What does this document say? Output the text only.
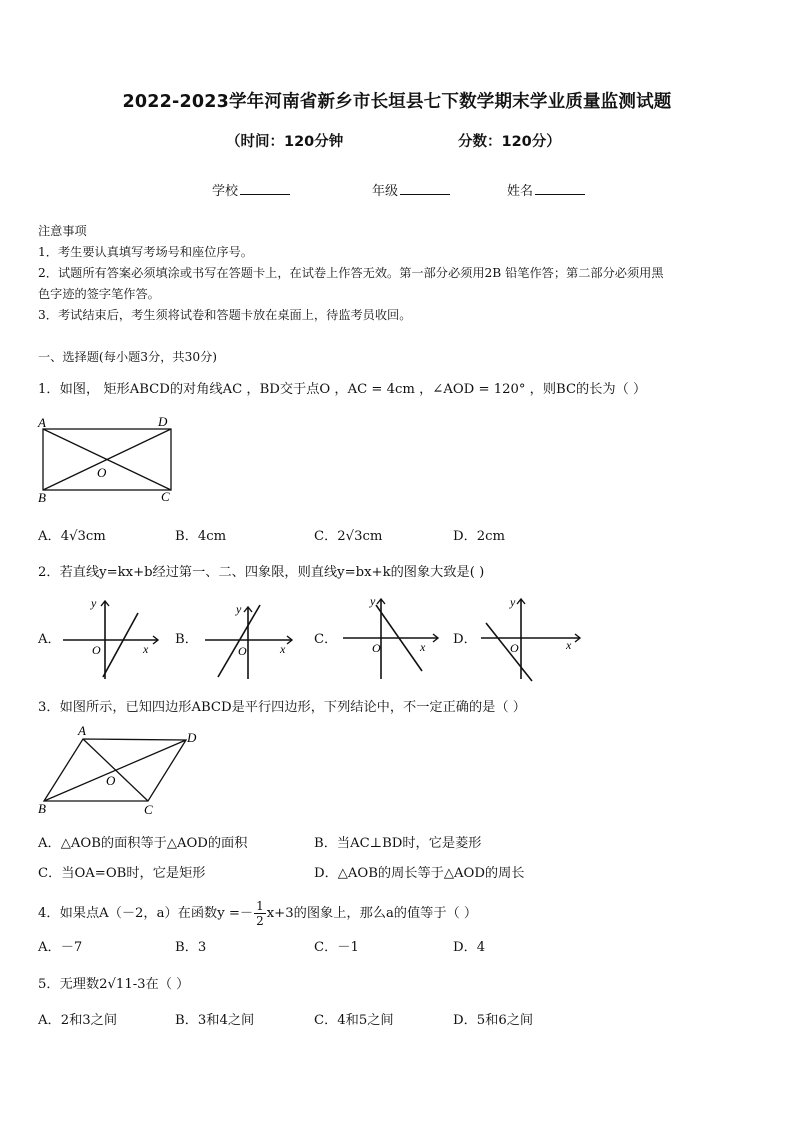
2022-2023学年河南省新乡市长垣县七下数学期末学业质量监测试题
（时间：120分钟	分数：120分）
学校	年级	姓名
注意事项
1．考生要认真填写考场号和座位序号。
2．试题所有答案必须填涂或书写在答题卡上，在试卷上作答无效。第一部分必须用2B 铅笔作答；第二部分必须用黑
色字迹的签字笔作答。
3．考试结束后，考生须将试卷和答题卡放在桌面上，待监考员收回。
一、选择题(每小题3分，共30分)
1．如图， 矩形ABCD的对角线AC ，BD交于点O ，AC = 4cm ，∠AOD = 120° ，则BC的长为（ ）
A	D
B	C
O
A．4√3cm	B．4cm	C．2√3cm	D．2cm
2．若直线y=kx+b经过第一、二、四象限，则直线y=bx+k的图象大致是( )
A．
y
x
O
B．
y
x
O
C．
y
x
O
D．
y
x
O
3．如图所示，已知四边形ABCD是平行四边形，下列结论中，不一定正确的是（ ）
A	D
B	C
O
A．△AOB的面积等于△AOD的面积	B．当AC⊥BD时，它是菱形
C．当OA=OB时，它是矩形	D．△AOB的周长等于△AOD的周长
4．如果点A（－2，a）在函数$y =- \frac{1}{2} x+3$的图象上，那么a的值等于（ ）
A．－7	B．3	C．－1	D．4
5．无理数2√11-3在（ ）
A．2和3之间	B．3和4之间	C．4和5之间	D．5和6之间
